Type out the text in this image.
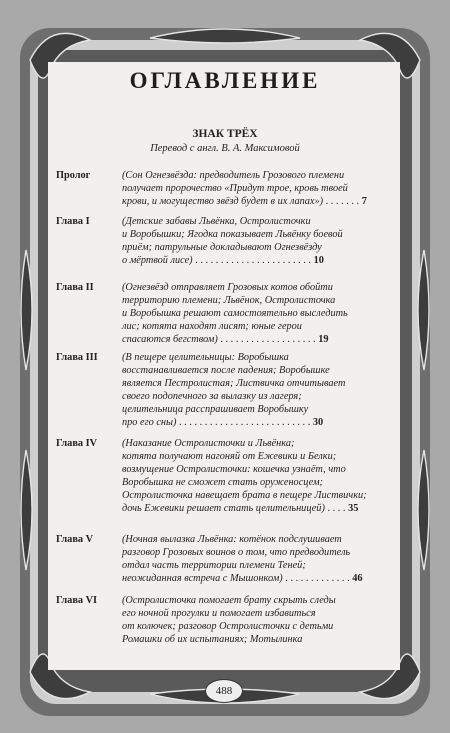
ОГЛАВЛЕНИЕ
ЗНАК ТРЁХ
Перевод с англ. В. А. Максимовой
Пролог	(Сон Огнезвёзда: предводитель Грозового племени
получает пророчество «Придут трое, кровь твоей
крови, и могущество звёзд будет в их лапах») . . . . . . . 7
Глава I	(Детские забавы Львёнка, Остролисточки
и Воробышки; Ягодка показывает Львёнку боевой
приём; патрульные докладывают Огнезвёзду
о мёртвой лисе) . . . . . . . . . . . . . . . . . . . . . . . 10
Глава II	(Огнезвёзд отправляет Грозовых котов обойти
территорию племени; Львёнок, Остролисточка
и Воробышка решают самостоятельно выследить
лис; котята находят лисят; юные герои
спасаются бегством) . . . . . . . . . . . . . . . . . . . 19
Глава III	(В пещере целительницы: Воробышка
восстанавливается после падения; Воробышке
является Пестролистая; Листвичка отчитывает
своего подопечного за вылазку из лагеря;
целительница расспрашивает Воробышку
про его сны) . . . . . . . . . . . . . . . . . . . . . . . . . . 30
Глава IV	(Наказание Остролисточки и Львёнка;
котята получают нагоняй от Ежевики и Белки;
возмущение Остролисточки: кошечка узнаёт, что
Воробышка не сможет стать оруженосцем;
Остролисточка навещает брата в пещере Листвички;
дочь Ежевики решает стать целительницей) . . . . 35
Глава V	(Ночная вылазка Львёнка: котёнок подслушивает
разговор Грозовых воинов о том, что предводитель
отдал часть территории племени Теней;
неожиданная встреча с Мышонком) . . . . . . . . . . . . . 46
Глава VI	(Остролисточка помогает брату скрыть следы
его ночной прогулки и помогает избавиться
от колючек; разговор Остролисточки с детьми
Ромашки об их испытаниях; Мотылинка
488
